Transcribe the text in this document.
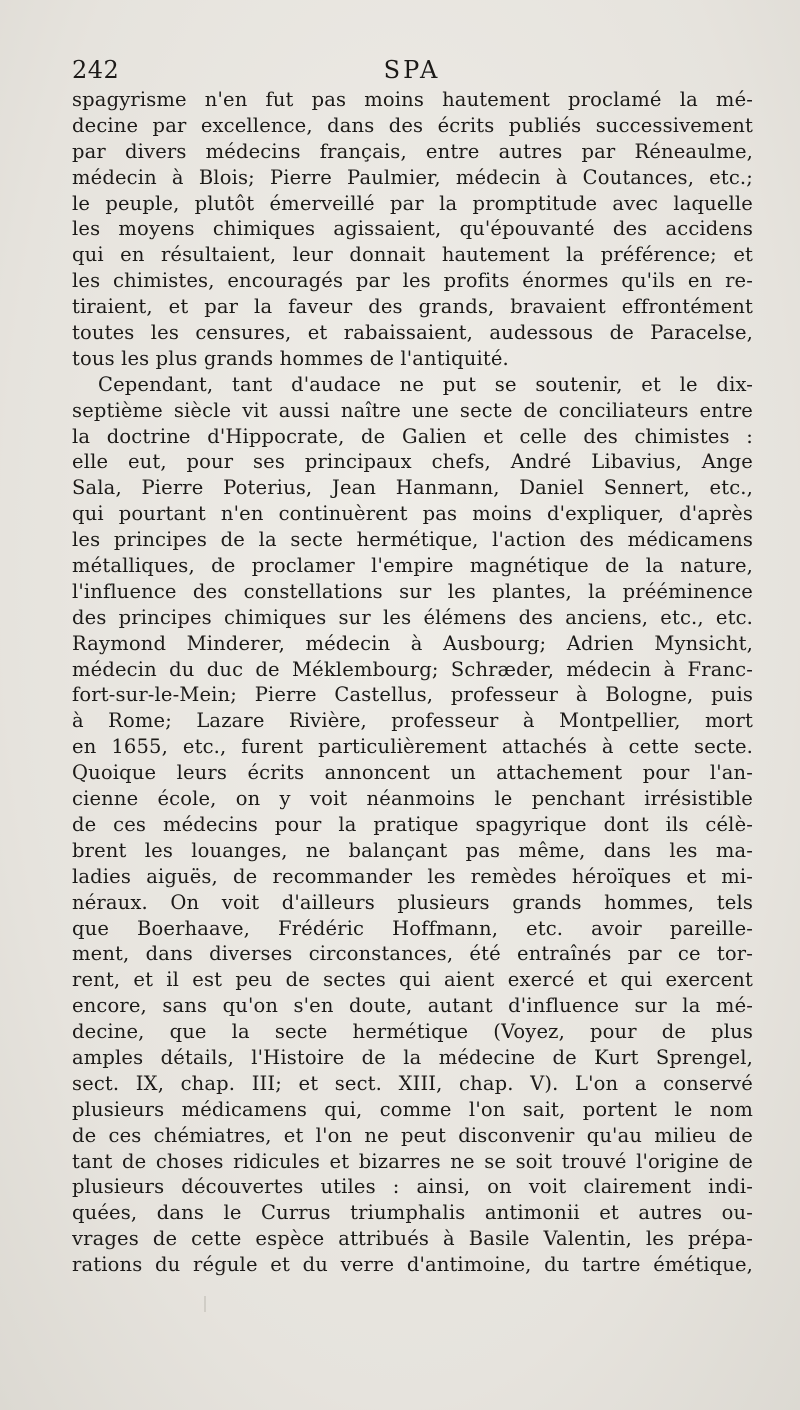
242	SPA
spagyrisme n'en fut pas moins hautement proclamé la mé-
decine par excellence, dans des écrits publiés successivement
par divers médecins français, entre autres par Réneaulme,
médecin à Blois; Pierre Paulmier, médecin à Coutances, etc.;
le peuple, plutôt émerveillé par la promptitude avec laquelle
les moyens chimiques agissaient, qu'épouvanté des accidens
qui en résultaient, leur donnait hautement la préférence; et
les chimistes, encouragés par les profits énormes qu'ils en re-
tiraient, et par la faveur des grands, bravaient effrontément
toutes les censures, et rabaissaient, audessous de Paracelse,
tous les plus grands hommes de l'antiquité.
Cependant, tant d'audace ne put se soutenir, et le dix-
septième siècle vit aussi naître une secte de conciliateurs entre
la doctrine d'Hippocrate, de Galien et celle des chimistes :
elle eut, pour ses principaux chefs, André Libavius, Ange
Sala, Pierre Poterius, Jean Hanmann, Daniel Sennert, etc.,
qui pourtant n'en continuèrent pas moins d'expliquer, d'après
les principes de la secte hermétique, l'action des médicamens
métalliques, de proclamer l'empire magnétique de la nature,
l'influence des constellations sur les plantes, la prééminence
des principes chimiques sur les élémens des anciens, etc., etc.
Raymond Minderer, médecin à Ausbourg; Adrien Mynsicht,
médecin du duc de Méklembourg; Schræder, médecin à Franc-
fort-sur-le-Mein; Pierre Castellus, professeur à Bologne, puis
à Rome; Lazare Rivière, professeur à Montpellier, mort
en 1655, etc., furent particulièrement attachés à cette secte.
Quoique leurs écrits annoncent un attachement pour l'an-
cienne école, on y voit néanmoins le penchant irrésistible
de ces médecins pour la pratique spagyrique dont ils célè-
brent les louanges, ne balançant pas même, dans les ma-
ladies aiguës, de recommander les remèdes héroïques et mi-
néraux. On voit d'ailleurs plusieurs grands hommes, tels
que Boerhaave, Frédéric Hoffmann, etc. avoir pareille-
ment, dans diverses circonstances, été entraînés par ce tor-
rent, et il est peu de sectes qui aient exercé et qui exercent
encore, sans qu'on s'en doute, autant d'influence sur la mé-
decine, que la secte hermétique (Voyez, pour de plus
amples détails, l'Histoire de la médecine de Kurt Sprengel,
sect. IX, chap. III; et sect. XIII, chap. V). L'on a conservé
plusieurs médicamens qui, comme l'on sait, portent le nom
de ces chémiatres, et l'on ne peut disconvenir qu'au milieu de
tant de choses ridicules et bizarres ne se soit trouvé l'origine de
plusieurs découvertes utiles : ainsi, on voit clairement indi-
quées, dans le Currus triumphalis antimonii et autres ou-
vrages de cette espèce attribués à Basile Valentin, les prépa-
rations du régule et du verre d'antimoine, du tartre émétique,
